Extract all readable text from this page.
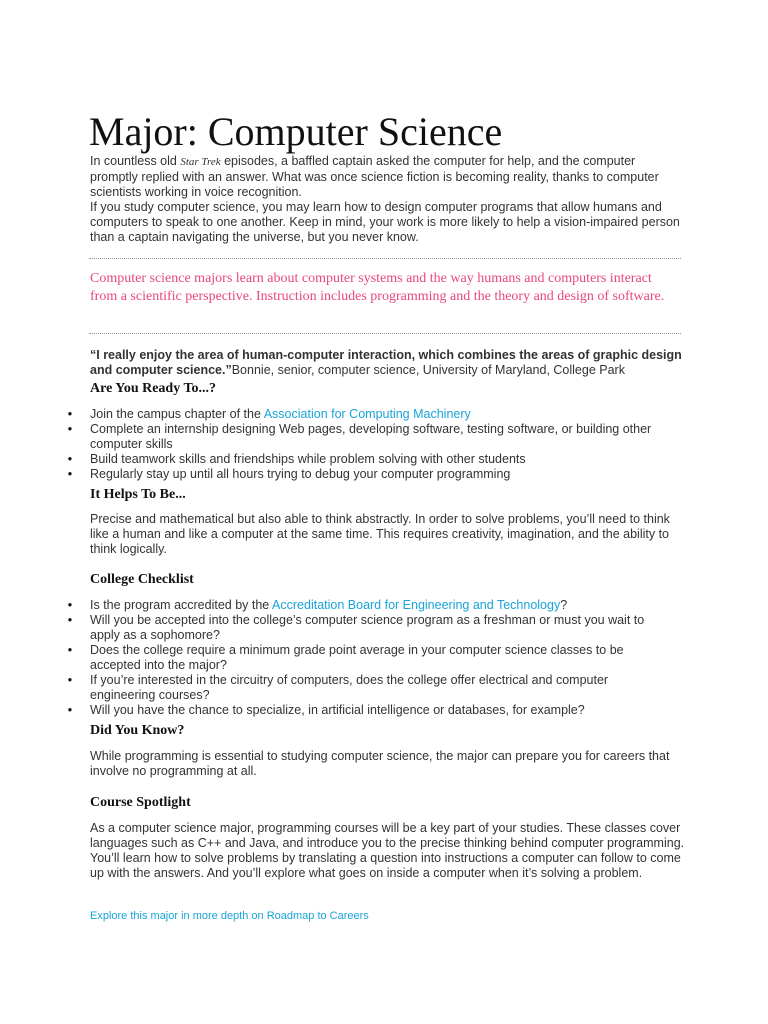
Major: Computer Science

In countless old Star Trek episodes, a baffled captain asked the computer for help, and the computer promptly replied with an answer. What was once science fiction is becoming reality, thanks to computer scientists working in voice recognition.

If you study computer science, you may learn how to design computer programs that allow humans and computers to speak to one another. Keep in mind, your work is more likely to help a vision-impaired person than a captain navigating the universe, but you never know.

Computer science majors learn about computer systems and the way humans and computers interact from a scientific perspective. Instruction includes programming and the theory and design of software.
“I really enjoy the area of human-computer interaction, which combines the areas of graphic design and computer science.”Bonnie, senior, computer science, University of Maryland, College Park
Are You Ready To...?
• Join the campus chapter of the Association for Computing Machinery
• Complete an internship designing Web pages, developing software, testing software, or building other computer skills
• Build teamwork skills and friendships while problem solving with other students
• Regularly stay up until all hours trying to debug your computer programming
It Helps To Be...
Precise and mathematical but also able to think abstractly. In order to solve problems, you’ll need to think like a human and like a computer at the same time. This requires creativity, imagination, and the ability to think logically.
College Checklist
• Is the program accredited by the Accreditation Board for Engineering and Technology?
• Will you be accepted into the college’s computer science program as a freshman or must you wait to apply as a sophomore?
• Does the college require a minimum grade point average in your computer science classes to be accepted into the major?
• If you’re interested in the circuitry of computers, does the college offer electrical and computer engineering courses?
• Will you have the chance to specialize, in artificial intelligence or databases, for example?
Did You Know?
While programming is essential to studying computer science, the major can prepare you for careers that involve no programming at all.
Course Spotlight
As a computer science major, programming courses will be a key part of your studies. These classes cover languages such as C++ and Java, and introduce you to the precise thinking behind computer programming. You’ll learn how to solve problems by translating a question into instructions a computer can follow to come up with the answers. And you’ll explore what goes on inside a computer when it’s solving a problem.
Explore this major in more depth on Roadmap to Careers
